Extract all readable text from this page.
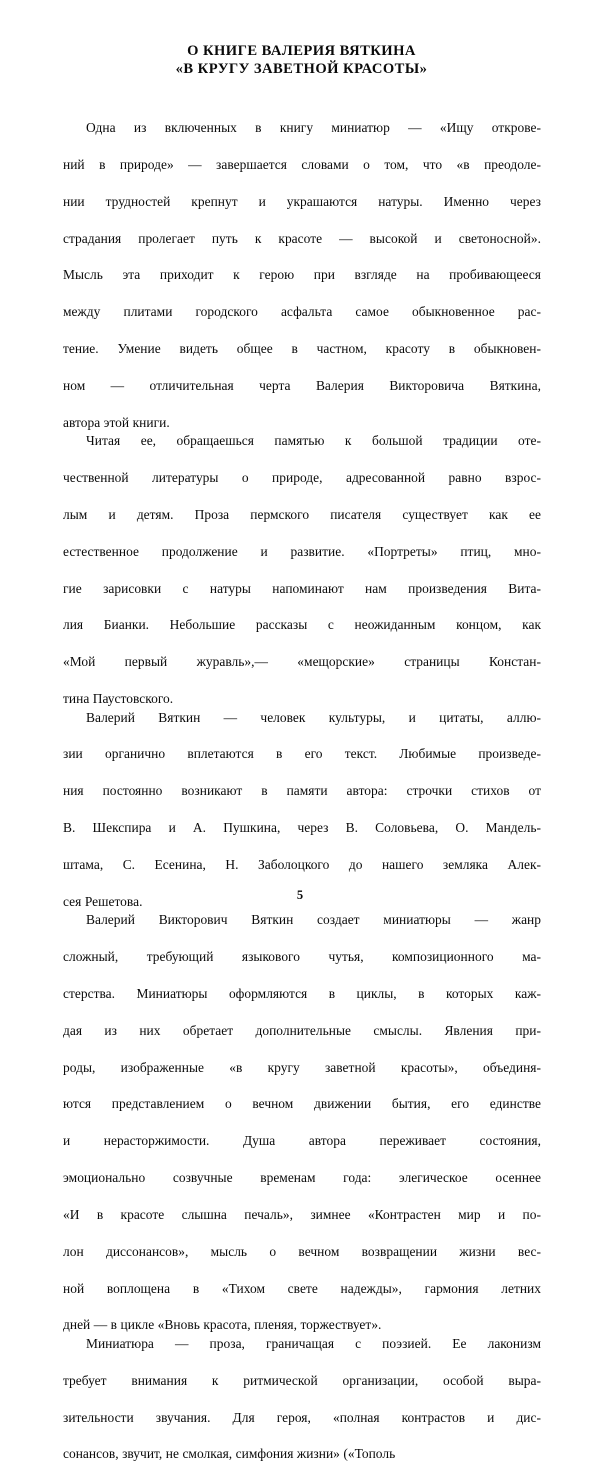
О КНИГЕ ВАЛЕРИЯ ВЯТКИНА
«В КРУГУ ЗАВЕТНОЙ КРАСОТЫ»

Одна из включенных в книгу миниатюр — «Ищу открове-
ний в природе» — завершается словами о том, что «в преодоле-
нии трудностей крепнут и украшаются натуры. Именно через
страдания пролегает путь к красоте — высокой и светоносной».
Мысль эта приходит к герою при взгляде на пробивающееся
между плитами городского асфальта самое обыкновенное рас-
тение. Умение видеть общее в частном, красоту в обыкновен-
ном — отличительная черта Валерия Викторовича Вяткина,
автора этой книги.

Читая ее, обращаешься памятью к большой традиции оте-
чественной литературы о природе, адресованной равно взрос-
лым и детям. Проза пермского писателя существует как ее
естественное продолжение и развитие. «Портреты» птиц, мно-
гие зарисовки с натуры напоминают нам произведения Вита-
лия Бианки. Небольшие рассказы с неожиданным концом, как
«Мой первый журавль»,— «мещорские» страницы Констан-
тина Паустовского.

Валерий Вяткин — человек культуры, и цитаты, аллю-
зии органично вплетаются в его текст. Любимые произведе-
ния постоянно возникают в памяти автора: строчки стихов от
В. Шекспира и А. Пушкина, через В. Соловьева, О. Мандель-
штама, С. Есенина, Н. Заболоцкого до нашего земляка Алек-
сея Решетова.

Валерий Викторович Вяткин создает миниатюры — жанр
сложный, требующий языкового чутья, композиционного ма-
стерства. Миниатюры оформляются в циклы, в которых каж-
дая из них обретает дополнительные смыслы. Явления при-
роды, изображенные «в кругу заветной красоты», объединя-
ются представлением о вечном движении бытия, его единстве
и нерасторжимости. Душа автора переживает состояния,
эмоционально созвучные временам года: элегическое осеннее
«И в красоте слышна печаль», зимнее «Контрастен мир и по-
лон диссонансов», мысль о вечном возвращении жизни вес-
ной воплощена в «Тихом свете надежды», гармония летних
дней — в цикле «Вновь красота, пленяя, торжествует».

Миниатюра — проза, граничащая с поэзией. Ее лаконизм
требует внимания к ритмической организации, особой выра-
зительности звучания. Для героя, «полная контрастов и дис-
сонансов, звучит, не смолкая, симфония жизни» («Тополь

5
